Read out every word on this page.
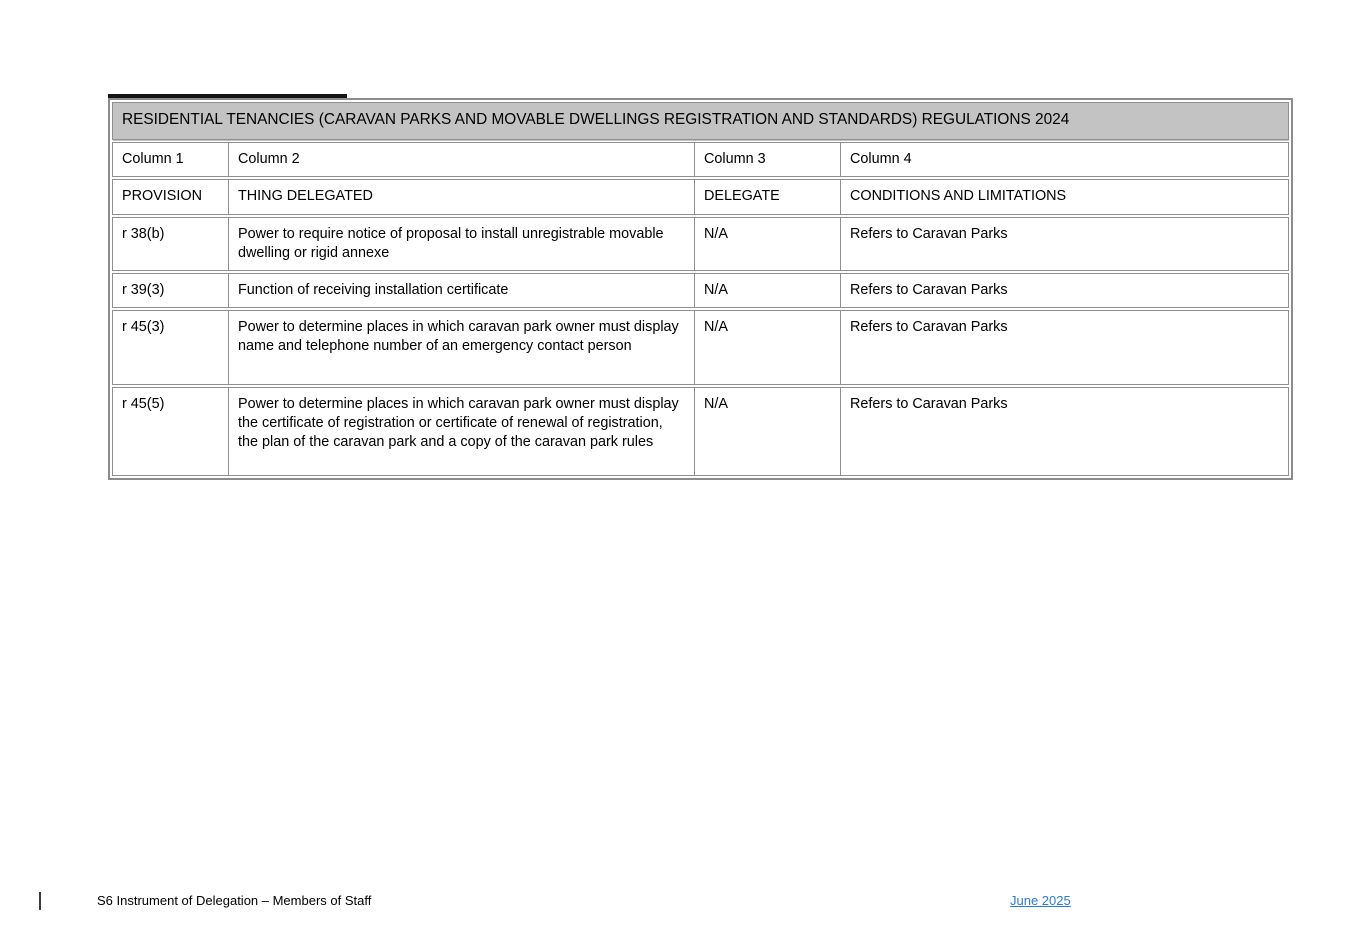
RESIDENTIAL TENANCIES (CARAVAN PARKS AND MOVABLE DWELLINGS REGISTRATION AND STANDARDS) REGULATIONS 2024			
Column 1	Column 2	Column 3	Column 4
PROVISION	THING DELEGATED	DELEGATE	CONDITIONS AND LIMITATIONS
r 38(b)	Power to require notice of proposal to install unregistrable movable dwelling or rigid annexe	N/A	Refers to Caravan Parks
r 39(3)	Function of receiving installation certificate	N/A	Refers to Caravan Parks
r 45(3)	Power to determine places in which caravan park owner must display name and telephone number of an emergency contact person	N/A	Refers to Caravan Parks
r 45(5)	Power to determine places in which caravan park owner must display the certificate of registration or certificate of renewal of registration, the plan of the caravan park and a copy of the caravan park rules	N/A	Refers to Caravan Parks
S6 Instrument of Delegation – Members of Staff	June 2025
